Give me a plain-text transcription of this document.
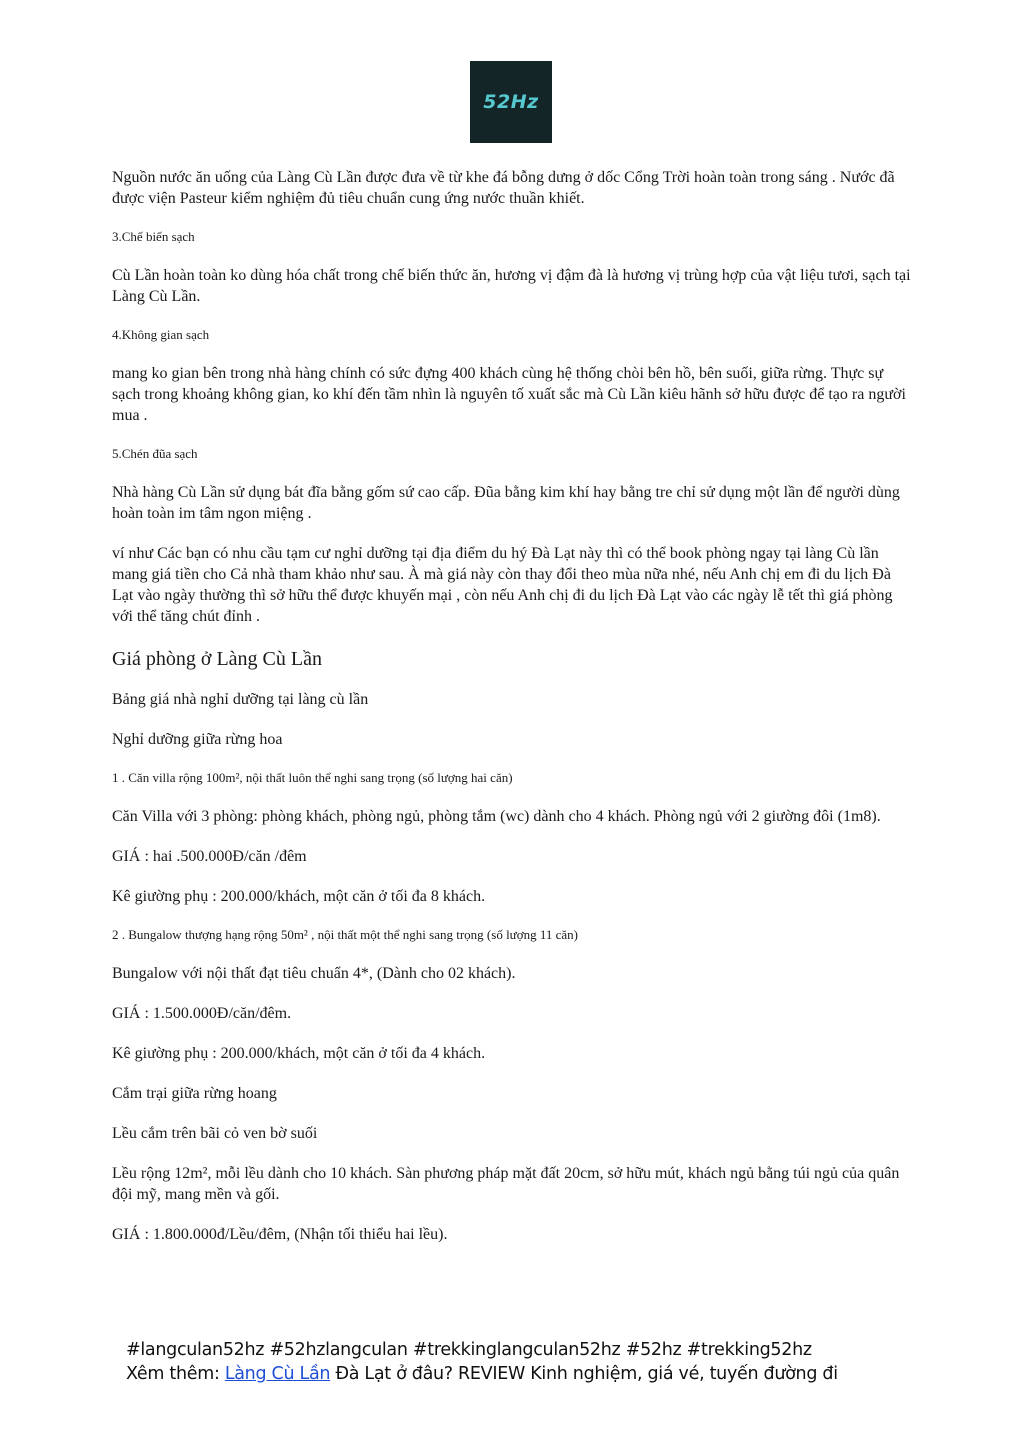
52Hz

Nguồn nước ăn uống của Làng Cù Lần được đưa về từ khe đá bỗng dưng ở dốc Cổng Trời hoàn toàn trong sáng . Nước đã được viện Pasteur kiểm nghiệm đủ tiêu chuẩn cung ứng nước thuần khiết.

3.Chế biến sạch

Cù Lần hoàn toàn ko dùng hóa chất trong chế biến thức ăn, hương vị đậm đà là hương vị trùng hợp của vật liệu tươi, sạch tại Làng Cù Lần.

4.Không gian sạch

mang ko gian bên trong nhà hàng chính có sức đựng 400 khách cùng hệ thống chòi bên hồ, bên suối, giữa rừng. Thực sự sạch trong khoảng không gian, ko khí đến tầm nhìn là nguyên tố xuất sắc mà Cù Lần kiêu hãnh sở hữu được để tạo ra người mua .

5.Chén đũa sạch

Nhà hàng Cù Lần sử dụng bát đĩa bằng gốm sứ cao cấp. Đũa bằng kim khí hay bằng tre chỉ sử dụng một lần để người dùng hoàn toàn im tâm ngon miệng .

ví như Các bạn có nhu cầu tạm cư nghỉ dưỡng tại địa điểm du hý Đà Lạt này thì có thể book phòng ngay tại làng Cù lần mang giá tiền cho Cả nhà tham khảo như sau. À mà giá này còn thay đổi theo mùa nữa nhé, nếu Anh chị em đi du lịch Đà Lạt vào ngày thường thì sở hữu thể được khuyến mại , còn nếu Anh chị đi du lịch Đà Lạt vào các ngày lễ tết thì giá phòng với thể tăng chút đỉnh .

Giá phòng ở Làng Cù Lần

Bảng giá nhà nghỉ dưỡng tại làng cù lần

Nghỉ dưỡng giữa rừng hoa

1 . Căn villa rộng 100m², nội thất luôn thể nghi sang trọng (số lượng hai căn)

Căn Villa với 3 phòng: phòng khách, phòng ngủ, phòng tắm (wc) dành cho 4 khách. Phòng ngủ với 2 giường đôi (1m8).

GIÁ : hai .500.000Đ/căn /đêm

Kê giường phụ : 200.000/khách, một căn ở tối đa 8 khách.

2 . Bungalow thượng hạng rộng 50m² , nội thất một thể nghi sang trọng (số lượng 11 căn)

Bungalow với nội thất đạt tiêu chuẩn 4*, (Dành cho 02 khách).

GIÁ : 1.500.000Đ/căn/đêm.

Kê giường phụ : 200.000/khách, một căn ở tối đa 4 khách.

Cắm trại giữa rừng hoang

Lều cắm trên bãi cỏ ven bờ suối

Lều rộng 12m², mỗi lều dành cho 10 khách. Sàn phương pháp mặt đất 20cm, sở hữu mút, khách ngủ bằng túi ngủ của quân đội mỹ, mang mền và gối.

GIÁ : 1.800.000đ/Lều/đêm, (Nhận tối thiểu hai lều).

#langculan52hz #52hzlangculan #trekkinglangculan52hz #52hz #trekking52hz
Xêm thêm: Làng Cù Lần Đà Lạt ở đâu? REVIEW Kinh nghiệm, giá vé, tuyến đường đi
